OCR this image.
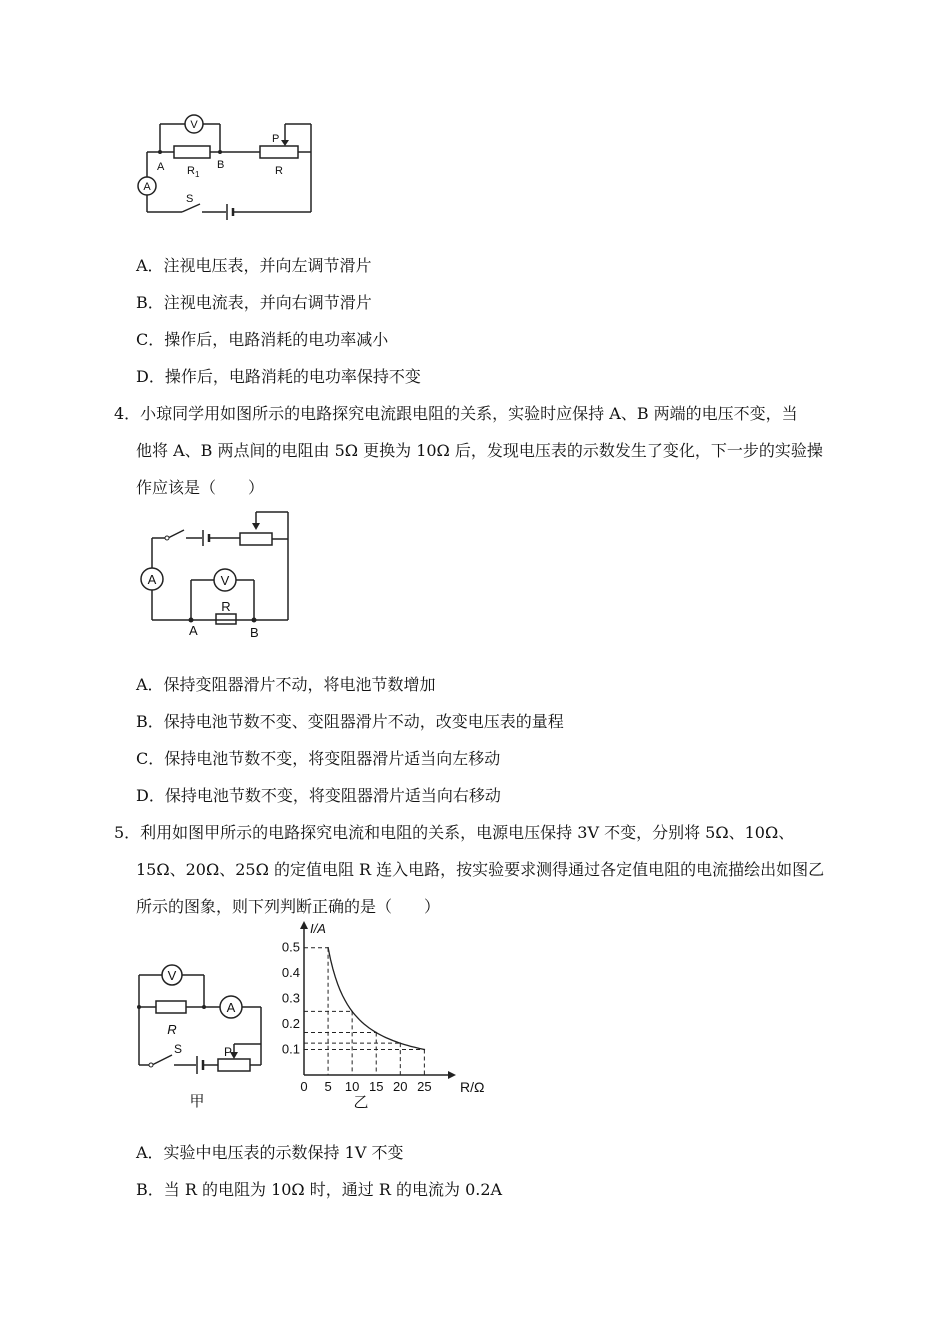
V
A
A	B
R 1
P
R
S
A．注视电压表，并向左调节滑片
B．注视电流表，并向右调节滑片
C．操作后，电路消耗的电功率减小
D．操作后，电路消耗的电功率保持不变
4．小琼同学用如图所示的电路探究电流跟电阻的关系，实验时应保持 A、B 两端的电压不变，当
他将 A、B 两点间的电阻由 5Ω 更换为 10Ω 后，发现电压表的示数发生了变化，下一步的实验操
作应该是（　　）
A	V
R
A	B
A．保持变阻器滑片不动，将电池节数增加
B．保持电池节数不变、变阻器滑片不动，改变电压表的量程
C．保持电池节数不变，将变阻器滑片适当向左移动
D．保持电池节数不变，将变阻器滑片适当向右移动
5．利用如图甲所示的电路探究电流和电阻的关系，电源电压保持 3V 不变，分别将 5Ω、10Ω、
15Ω、20Ω、25Ω 的定值电阻 R 连入电路，按实验要求测得通过各定值电阻的电流描绘出如图乙
所示的图象，则下列判断正确的是（　　）
V
A
R
S	P
甲
0 5 10 15 20 25
0.1
0.2
0.3
0.4
0.5
I/A
R/Ω
乙
A．实验中电压表的示数保持 1V 不变
B．当 R 的电阻为 10Ω 时，通过 R 的电流为 0.2A
